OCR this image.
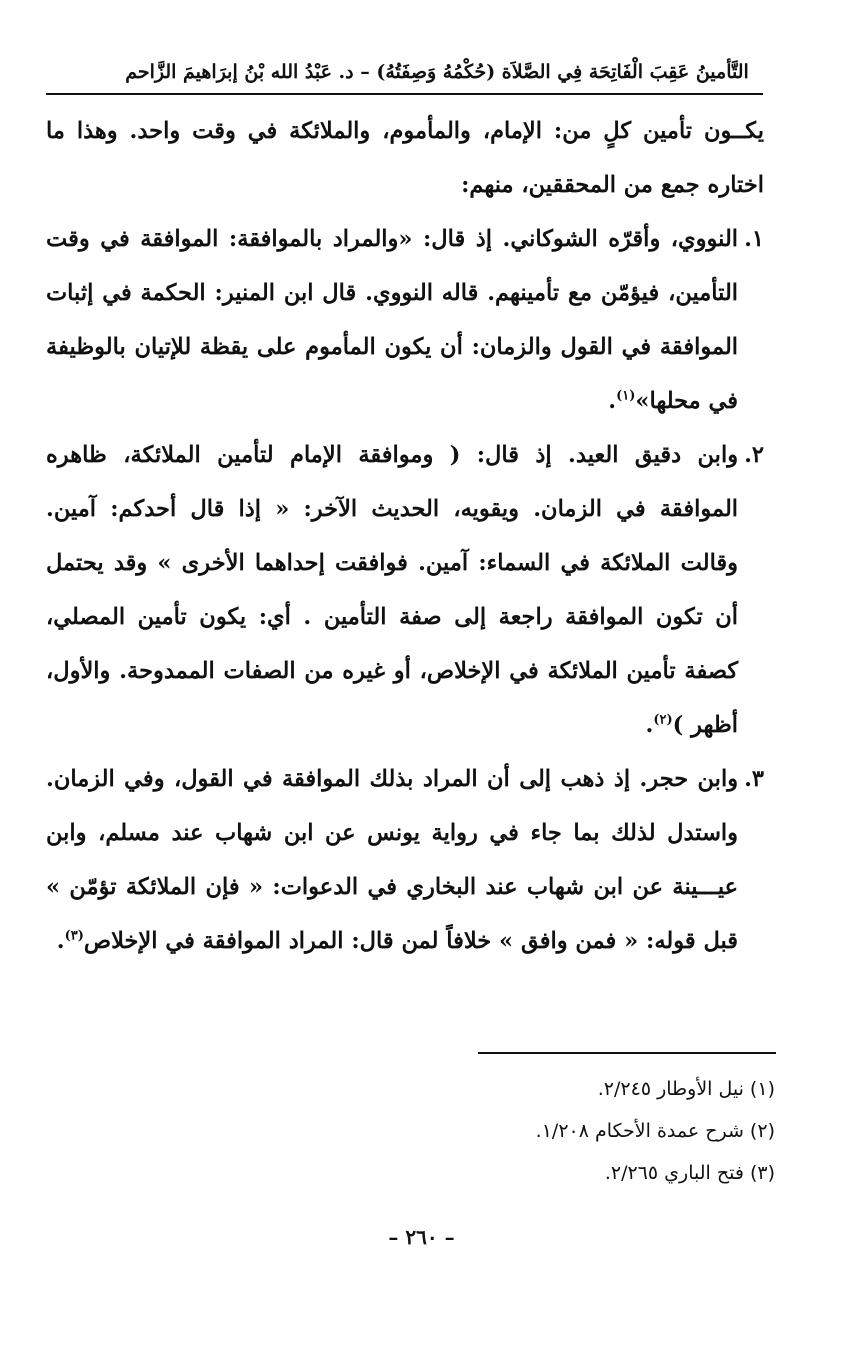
التَّأمينُ عَقِبَ الْفَاتِحَة فِي الصَّلاَة (حُكْمُهُ وَصِفَتُهُ) – د. عَبْدُ الله بْنُ إبرَاهيمَ الزَّاحم

يكــون تأمين كلٍ من: الإمام، والمأموم، والملائكة في وقت واحد. وهذا ما اختاره جمع من المحققين، منهم:

١.
النووي، وأقرّه الشوكاني. إذ قال: «والمراد بالموافقة: الموافقة في وقت التأمين، فيؤمّن مع تأمينهم. قاله النووي. قال ابن المنير: الحكمة في إثبات الموافقة في القول والزمان: أن يكون المأموم على يقظة للإتيان بالوظيفة في محلها»$^{(١)}$.
٢.
وابن دقيق العيد. إذ قال: ( وموافقة الإمام لتأمين الملائكة، ظاهره الموافقة في الزمان. ويقويه، الحديث الآخر: « إذا قال أحدكم: آمين. وقالت الملائكة في السماء: آمين. فوافقت إحداهما الأخرى » وقد يحتمل أن تكون الموافقة راجعة إلى صفة التأمين . أي: يكون تأمين المصلي، كصفة تأمين الملائكة في الإخلاص، أو غيره من الصفات الممدوحة. والأول، أظهر )$^{(٢)}$.
٣.
وابن حجر. إذ ذهب إلى أن المراد بذلك الموافقة في القول، وفي الزمان. واستدل لذلك بما جاء في رواية يونس عن ابن شهاب عند مسلم، وابن عيـــينة عن ابن شهاب عند البخاري في الدعوات: « فإن الملائكة تؤمّن » قبل قوله: « فمن وافق » خلافاً لمن قال: المراد الموافقة في الإخلاص$^{(٣)}$.
(١) نيل الأوطار ٢/٢٤٥.
(٢) شرح عمدة الأحكام ١/٢٠٨.
(٣) فتح الباري ٢/٢٦٥.
– ٢٦٠ –
